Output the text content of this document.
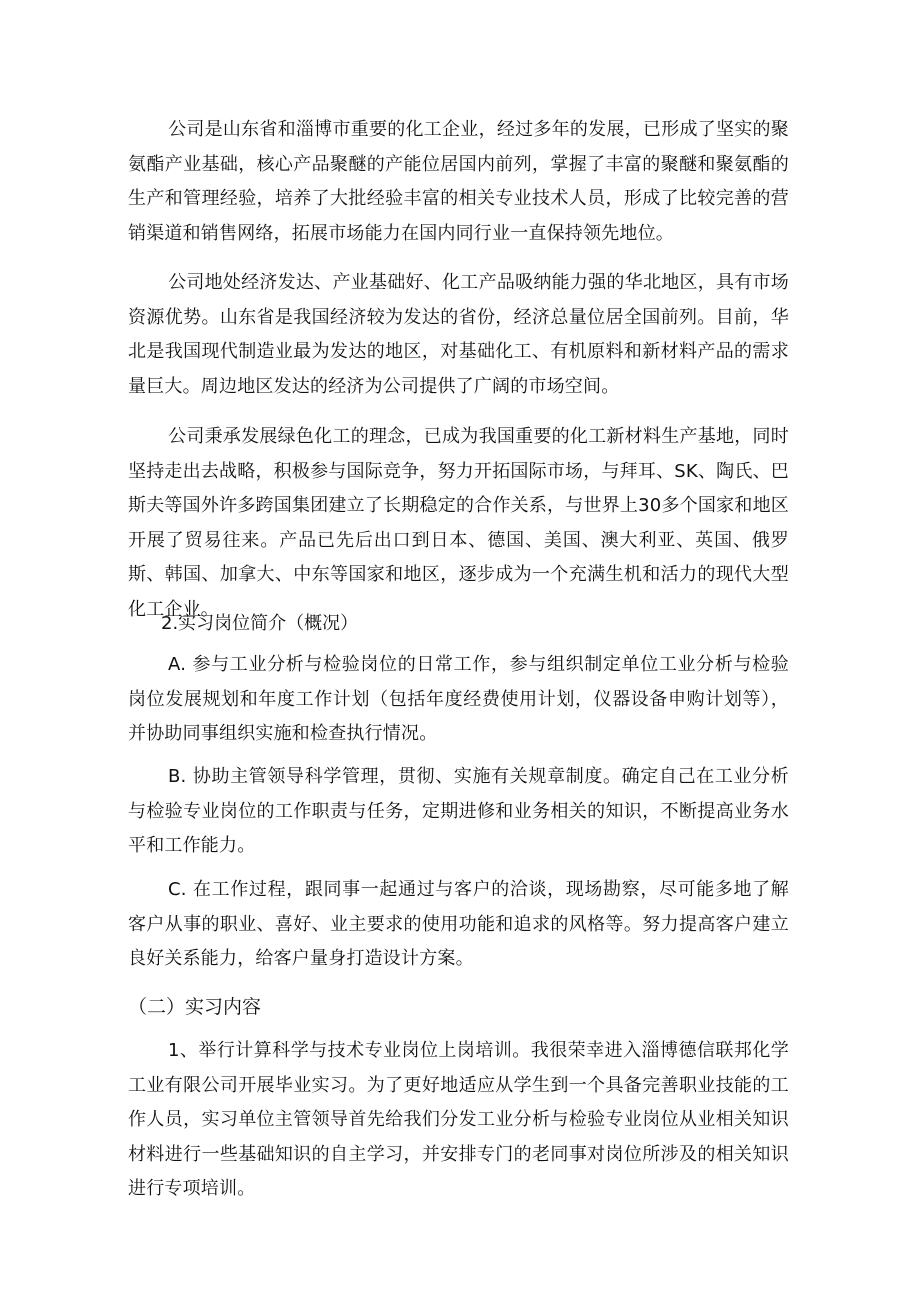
公司是山东省和淄博市重要的化工企业，经过多年的发展，已形成了坚实的聚氨酯产业基础，核心产品聚醚的产能位居国内前列，掌握了丰富的聚醚和聚氨酯的生产和管理经验，培养了大批经验丰富的相关专业技术人员，形成了比较完善的营销渠道和销售网络，拓展市场能力在国内同行业一直保持领先地位。
公司地处经济发达、产业基础好、化工产品吸纳能力强的华北地区，具有市场资源优势。山东省是我国经济较为发达的省份，经济总量位居全国前列。目前，华北是我国现代制造业最为发达的地区，对基础化工、有机原料和新材料产品的需求量巨大。周边地区发达的经济为公司提供了广阔的市场空间。
公司秉承发展绿色化工的理念，已成为我国重要的化工新材料生产基地，同时坚持走出去战略，积极参与国际竞争，努力开拓国际市场，与拜耳、SK、陶氏、巴斯夫等国外许多跨国集团建立了长期稳定的合作关系，与世界上30多个国家和地区开展了贸易往来。产品已先后出口到日本、德国、美国、澳大利亚、英国、俄罗斯、韩国、加拿大、中东等国家和地区，逐步成为一个充满生机和活力的现代大型化工企业。
2.实习岗位简介（概况）
A. 参与工业分析与检验岗位的日常工作，参与组织制定单位工业分析与检验岗位发展规划和年度工作计划（包括年度经费使用计划，仪器设备申购计划等），并协助同事组织实施和检查执行情况。
B. 协助主管领导科学管理，贯彻、实施有关规章制度。确定自己在工业分析与检验专业岗位的工作职责与任务，定期进修和业务相关的知识，不断提高业务水平和工作能力。
C. 在工作过程，跟同事一起通过与客户的洽谈，现场勘察，尽可能多地了解客户从事的职业、喜好、业主要求的使用功能和追求的风格等。努力提高客户建立良好关系能力，给客户量身打造设计方案。
（二）实习内容
1、举行计算科学与技术专业岗位上岗培训。我很荣幸进入淄博德信联邦化学工业有限公司开展毕业实习。为了更好地适应从学生到一个具备完善职业技能的工作人员，实习单位主管领导首先给我们分发工业分析与检验专业岗位从业相关知识材料进行一些基础知识的自主学习，并安排专门的老同事对岗位所涉及的相关知识进行专项培训。
